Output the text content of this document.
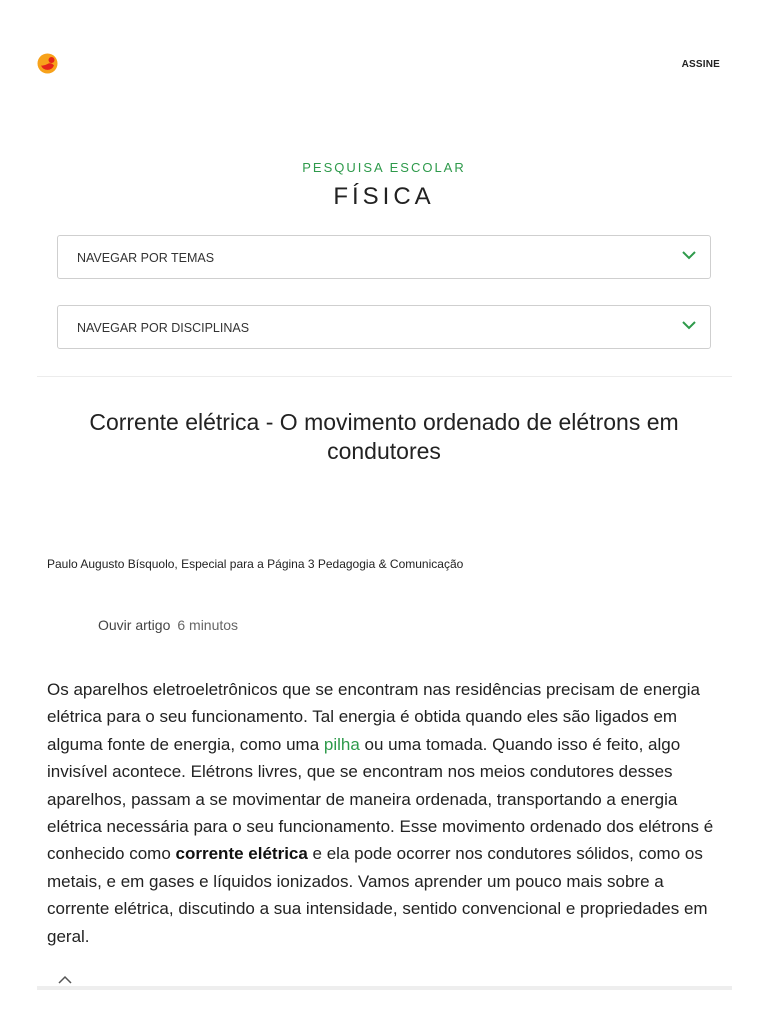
ASSINE
PESQUISA ESCOLAR
FÍSICA
NAVEGAR POR TEMAS
NAVEGAR POR DISCIPLINAS
Corrente elétrica - O movimento ordenado de elétrons em condutores
Paulo Augusto Bísquolo, Especial para a Página 3 Pedagogia & Comunicação
Ouvir artigo 6 minutos

Os aparelhos eletroeletrônicos que se encontram nas residências precisam de energia elétrica para o seu funcionamento. Tal energia é obtida quando eles são ligados em alguma fonte de energia, como uma pilha ou uma tomada. Quando isso é feito, algo invisível acontece. Elétrons livres, que se encontram nos meios condutores desses aparelhos, passam a se movimentar de maneira ordenada, transportando a energia elétrica necessária para o seu funcionamento. Esse movimento ordenado dos elétrons é conhecido como corrente elétrica e ela pode ocorrer nos condutores sólidos, como os metais, e em gases e líquidos ionizados. Vamos aprender um pouco mais sobre a corrente elétrica, discutindo a sua intensidade, sentido convencional e propriedades em geral.
